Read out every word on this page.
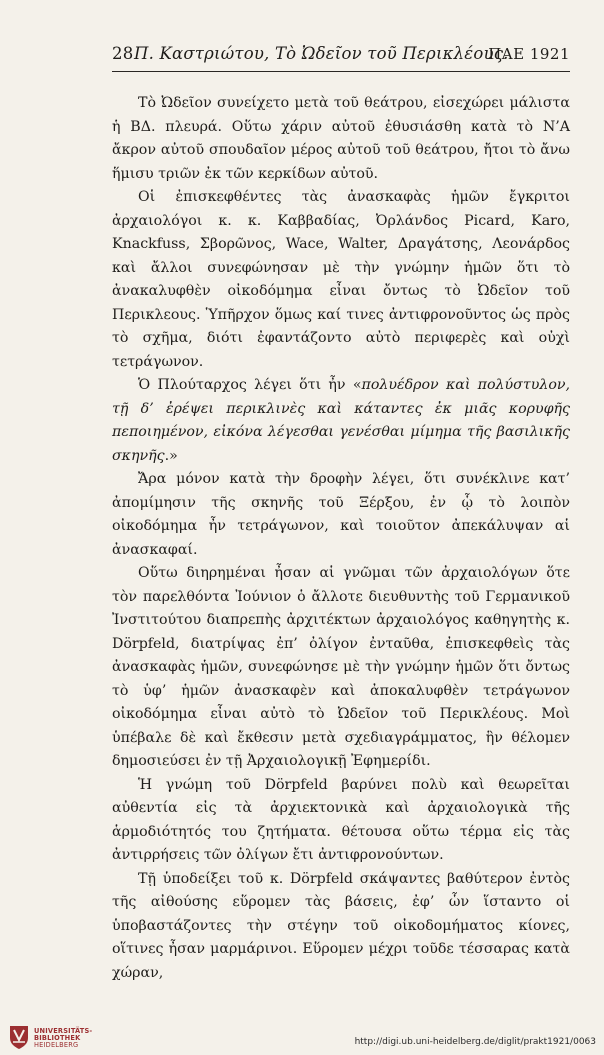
28 Π. Καστριώτου, Τὸ Ὠδεῖον τοῦ Περικλέους.
ΠΑΕ 1921

Τὸ Ὠδεῖον συνείχετο μετὰ τοῦ θεάτρου, εἰσεχώρει μάλιστα ἡ ΒΔ. πλευρά. Οὕτω χάριν αὐτοῦ ἐθυσιάσθη κατὰ τὸ Ν’Α ἄκρον αὐτοῦ σπουδαῖον μέρος αὐτοῦ τοῦ θεάτρου, ἤτοι τὸ ἄνω ἥμισυ τριῶν ἐκ τῶν κερκίδων αὐτοῦ.

Οἱ ἐπισκεφθέντες τὰς ἀνασκαφὰς ἡμῶν ἔγκριτοι ἀρχαιολόγοι κ. κ. Καββαδίας, Ὀρλάνδος Picard, Karo, Knackfuss, Σβορῶνος, Wace, Walter, Δραγάτσης, Λεονάρδος καὶ ἄλλοι συνεφώνησαν μὲ τὴν γνώμην ἡμῶν ὅτι τὸ ἀνακαλυφθὲν οἰκοδόμημα εἶναι ὄντως τὸ Ὠδεῖον τοῦ Περικλεους. Ὑπῆρχον ὅμως καί τινες ἀντιφρονοῦντος ὡς πρὸς τὸ σχῆμα, διότι ἐφαντάζοντο αὐτὸ περιφερὲς καὶ οὐχὶ τετράγωνον.

Ὁ Πλούταρχος λέγει ὅτι ἦν «πολυέδρον καὶ πολύστυλον, τῇ δ’ ἐρέψει περικλινὲς καὶ κάταντες ἐκ μιᾶς κορυφῆς πεποιημένον, εἰκόνα λέγεσθαι γενέσθαι μίμημα τῆς βασιλικῆς σκηνῆς.»

Ἄρα μόνον κατὰ τὴν δροφὴν λέγει, ὅτι συνέκλινε κατ’ ἀπομίμησιν τῆς σκηνῆς τοῦ Ξέρξου, ἐν ᾧ τὸ λοιπὸν οἰκοδόμημα ἦν τετράγωνον, καὶ τοιοῦτον ἀπεκάλυψαν αἱ ἀνασκαφαί.

Οὕτω διηρημέναι ἦσαν αἱ γνῶμαι τῶν ἀρχαιολόγων ὅτε τὸν παρελθόντα Ἰούνιον ὁ ἄλλοτε διευθυντὴς τοῦ Γερμανικοῦ Ἰνστιτούτου διαπρεπὴς ἀρχιτέκτων ἀρχαιολόγος καθηγητὴς κ. Dörpfeld, διατρίψας ἐπ’ ὀλίγον ἐνταῦθα, ἐπισκεφθεὶς τὰς ἀνασκαφὰς ἡμῶν, συνεφώνησε μὲ τὴν γνώμην ἡμῶν ὅτι ὄντως τὸ ὑφ’ ἡμῶν ἀνασκαφὲν καὶ ἀποκαλυφθὲν τετράγωνον οἰκοδόμημα εἶναι αὐτὸ τὸ Ὠδεῖον τοῦ Περικλέους. Μοὶ ὑπέβαλε δὲ καὶ ἔκθεσιν μετὰ σχεδιαγράμματος, ἣν θέλομεν δημοσιεύσει ἐν τῇ Ἀρχαιολογικῇ Ἐφημερίδι.

Ἡ γνώμη τοῦ Dörpfeld βαρύνει πολὺ καὶ θεωρεῖται αὐθεντία εἰς τὰ ἀρχιεκτονικὰ καὶ ἀρχαιολογικὰ τῆς ἁρμοδιότητός του ζητήματα. θέτουσα οὕτω τέρμα εἰς τὰς ἀντιρρήσεις τῶν ὀλίγων ἔτι ἀντιφρονούντων.

Τῇ ὑποδείξει τοῦ κ. Dörpfeld σκάψαντες βαθύτερον ἐντὸς τῆς αἰθούσης εὕρομεν τὰς βάσεις, ἐφ’ ὧν ἵσταντο οἱ ὑποβαστάζοντες τὴν στέγην τοῦ οἰκοδομήματος κίονες, οἵτινες ἦσαν μαρμάρινοι. Εὕρομεν μέχρι τοῦδε τέσσαρας κατὰ χώραν,

UNIVERSITÄTS-
BIBLIOTHEK
HEIDELBERG	http://digi.ub.uni-heidelberg.de/diglit/prakt1921/0063
